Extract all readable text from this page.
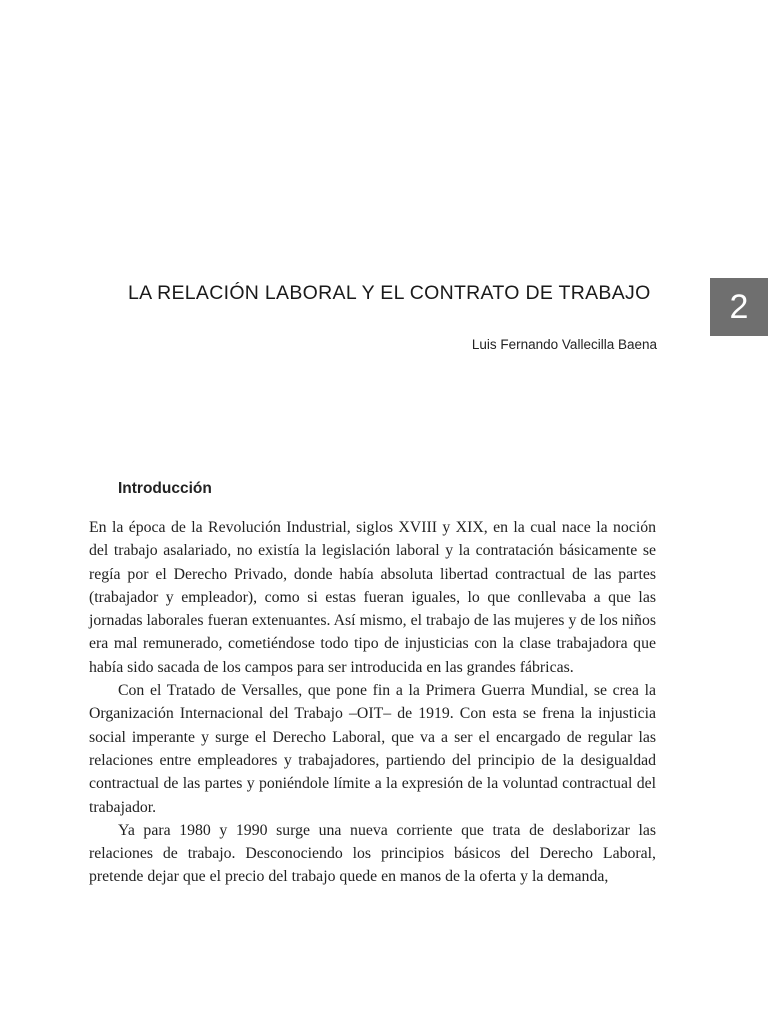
2
LA RELACIÓN LABORAL Y EL CONTRATO DE TRABAJO

Luis Fernando Vallecilla Baena

Introducción

En la época de la Revolución Industrial, siglos XVIII y XIX, en la cual nace la noción del trabajo asalariado, no existía la legislación laboral y la contratación básicamente se regía por el Derecho Privado, donde había absoluta libertad contractual de las partes (trabajador y empleador), como si estas fueran iguales, lo que conllevaba a que las jornadas laborales fueran extenuantes. Así mismo, el trabajo de las mujeres y de los niños era mal remunerado, cometiéndose todo tipo de injusticias con la clase trabajadora que había sido sacada de los campos para ser introducida en las grandes fábricas.

Con el Tratado de Versalles, que pone fin a la Primera Guerra Mundial, se crea la Organización Internacional del Trabajo –OIT– de 1919. Con esta se frena la injusticia social imperante y surge el Derecho Laboral, que va a ser el encargado de regular las relaciones entre empleadores y trabajadores, partiendo del principio de la desigualdad contractual de las partes y poniéndole límite a la expresión de la voluntad contractual del trabajador.

Ya para 1980 y 1990 surge una nueva corriente que trata de deslaborizar las relaciones de trabajo. Desconociendo los principios básicos del Derecho Laboral, pretende dejar que el precio del trabajo quede en manos de la oferta y la demanda,
